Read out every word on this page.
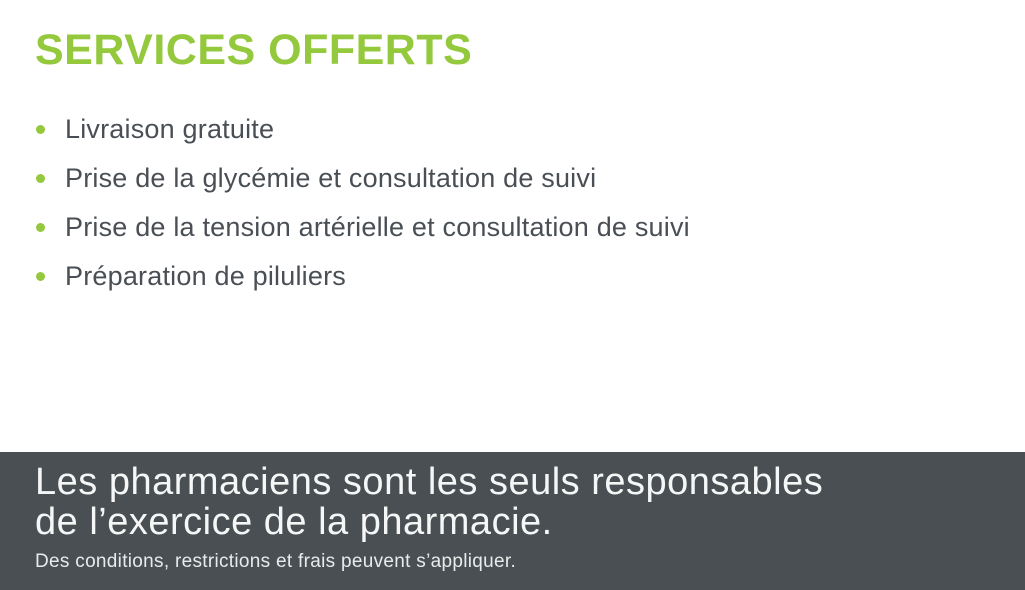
SERVICES OFFERTS
Livraison gratuite
Prise de la glycémie et consultation de suivi
Prise de la tension artérielle et consultation de suivi
Préparation de piluliers
Les pharmaciens sont les seuls responsables
de l’exercice de la pharmacie.
Des conditions, restrictions et frais peuvent s’appliquer.
